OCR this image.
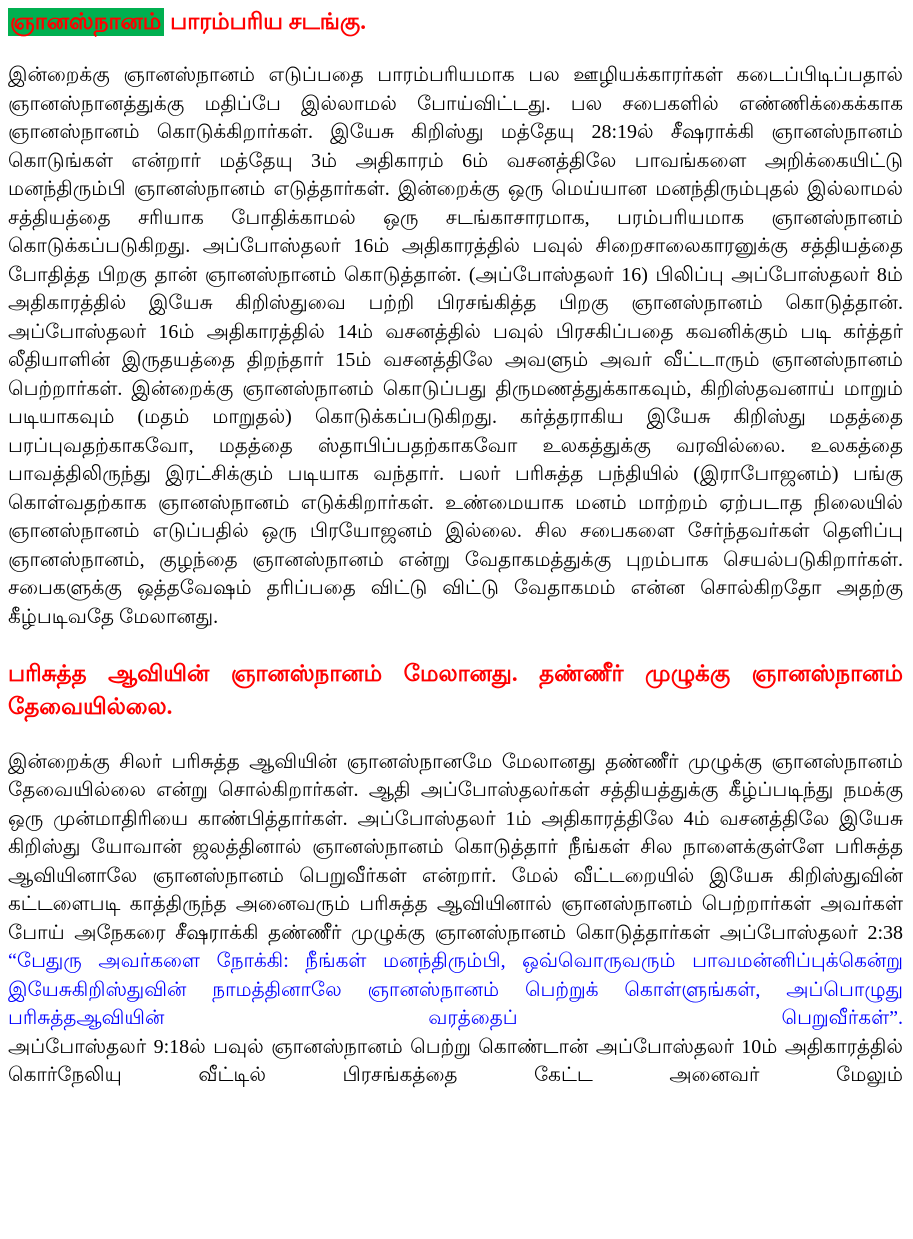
ஞானஸ்நானம் பாரம்பரிய சடங்கு.

இன்றைக்கு ஞானஸ்நானம் எடுப்பதை பாரம்பரியமாக பல ஊழியக்காரர்கள் கடைப்பிடிப்பதால் ஞானஸ்நானத்துக்கு மதிப்பே இல்லாமல் போய்விட்டது. பல சபைகளில் எண்ணிக்கைக்காக ஞானஸ்நானம் கொடுக்கிறார்கள். இயேசு கிறிஸ்து மத்தேயு 28:19ல் சீஷராக்கி ஞானஸ்நானம் கொடுங்கள் என்றார் மத்தேயு 3ம் அதிகாரம் 6ம் வசனத்திலே பாவங்களை அறிக்கையிட்டு மனந்திரும்பி ஞானஸ்நானம் எடுத்தார்கள். இன்றைக்கு ஒரு மெய்யான மனந்திரும்புதல் இல்லாமல் சத்தியத்தை சரியாக போதிக்காமல் ஒரு சடங்காசாரமாக, பரம்பரியமாக ஞானஸ்நானம் கொடுக்கப்படுகிறது. அப்போஸ்தலர் 16ம் அதிகாரத்தில் பவுல் சிறைசாலைகாரனுக்கு சத்தியத்தை போதித்த பிறகு தான் ஞானஸ்நானம் கொடுத்தான். (அப்போஸ்தலர் 16) பிலிப்பு அப்போஸ்தலர் 8ம் அதிகாரத்தில் இயேசு கிறிஸ்துவை பற்றி பிரசங்கித்த பிறகு ஞானஸ்நானம் கொடுத்தான். அப்போஸ்தலர் 16ம் அதிகாரத்தில் 14ம் வசனத்தில் பவுல் பிரசகிப்பதை கவனிக்கும் படி கர்த்தர் லீதியாளின் இருதயத்தை திறந்தார் 15ம் வசனத்திலே அவளும் அவர் வீட்டாரும் ஞானஸ்நானம் பெற்றார்கள். இன்றைக்கு ஞானஸ்நானம் கொடுப்பது திருமணத்துக்காகவும், கிறிஸ்தவனாய் மாறும் படியாகவும் (மதம் மாறுதல்) கொடுக்கப்படுகிறது. கர்த்தராகிய இயேசு கிறிஸ்து மதத்தை பரப்புவதற்காகவோ, மதத்தை ஸ்தாபிப்பதற்காகவோ உலகத்துக்கு வரவில்லை. உலகத்தை பாவத்திலிருந்து இரட்சிக்கும் படியாக வந்தார். பலர் பரிசுத்த பந்தியில் (இராபோஜனம்) பங்கு கொள்வதற்காக ஞானஸ்நானம் எடுக்கிறார்கள். உண்மையாக மனம் மாற்றம் ஏற்படாத நிலையில் ஞானஸ்நானம் எடுப்பதில் ஒரு பிரயோஜனம் இல்லை. சில சபைகளை சேர்ந்தவர்கள் தெளிப்பு ஞானஸ்நானம், குழந்தை ஞானஸ்நானம் என்று வேதாகமத்துக்கு புறம்பாக செயல்படுகிறார்கள். சபைகளுக்கு ஒத்தவேஷம் தரிப்பதை விட்டு விட்டு வேதாகமம் என்ன சொல்கிறதோ அதற்கு கீழ்படிவதே மேலானது.

பரிசுத்த ஆவியின் ஞானஸ்நானம் மேலானது. தண்ணீர் முழுக்கு ஞானஸ்நானம் தேவையில்லை.

இன்றைக்கு சிலர் பரிசுத்த ஆவியின் ஞானஸ்நானமே மேலானது தண்ணீர் முழுக்கு ஞானஸ்நானம் தேவையில்லை என்று சொல்கிறார்கள். ஆதி அப்போஸ்தலர்கள் சத்தியத்துக்கு கீழ்ப்படிந்து நமக்கு ஒரு முன்மாதிரியை காண்பித்தார்கள். அப்போஸ்தலர் 1ம் அதிகாரத்திலே 4ம் வசனத்திலே இயேசு கிறிஸ்து யோவான் ஜலத்தினால் ஞானஸ்நானம் கொடுத்தார் நீங்கள் சில நாளைக்குள்ளே பரிசுத்த ஆவியினாலே ஞானஸ்நானம் பெறுவீர்கள் என்றார். மேல் வீட்டறையில் இயேசு கிறிஸ்துவின் கட்டளைபடி காத்திருந்த அனைவரும் பரிசுத்த ஆவியினால் ஞானஸ்நானம் பெற்றார்கள் அவர்கள் போய் அநேகரை சீஷராக்கி தண்ணீர் முழுக்கு ஞானஸ்நானம் கொடுத்தார்கள் அப்போஸ்தலர் 2:38
“பேதுரு அவர்களை நோக்கி: நீங்கள் மனந்திரும்பி, ஒவ்வொருவரும் பாவமன்னிப்புக்கென்று இயேசுகிறிஸ்துவின் நாமத்தினாலே ஞானஸ்நானம் பெற்றுக் கொள்ளுங்கள், அப்பொழுது பரிசுத்தஆவியின் வரத்தைப் பெறுவீர்கள்”.
அப்போஸ்தலர் 9:18ல் பவுல் ஞானஸ்நானம் பெற்று கொண்டான் அப்போஸ்தலர் 10ம் அதிகாரத்தில் கொர்நேலியு வீட்டில் பிரசங்கத்தை கேட்ட அனைவர் மேலும்
